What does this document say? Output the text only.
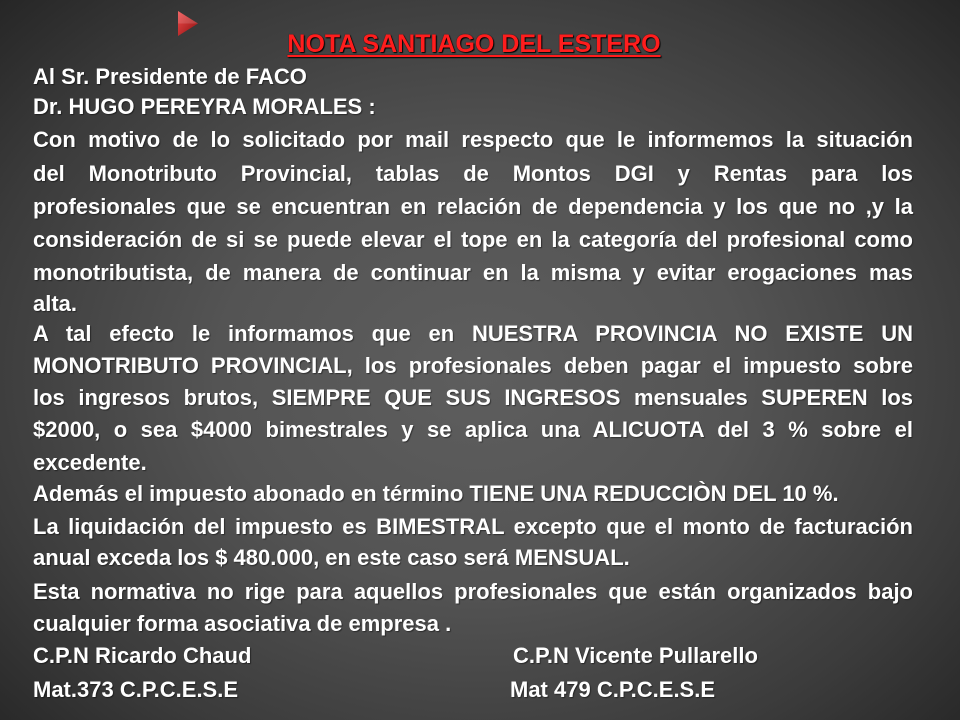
NOTA SANTIAGO DEL ESTERO
Al Sr. Presidente de FACO
Dr. HUGO PEREYRA MORALES :
Con motivo de lo solicitado por mail respecto que le informemos la situación
del Monotributo Provincial, tablas de Montos DGI y Rentas para los
profesionales que se encuentran en relación de dependencia y los que no ,y la
consideración de si se puede elevar el tope en la categoría del profesional como
monotributista, de manera de continuar en la misma y evitar erogaciones mas
alta.
A tal efecto le informamos que en NUESTRA PROVINCIA NO EXISTE UN
MONOTRIBUTO PROVINCIAL, los profesionales deben pagar el impuesto sobre
los ingresos brutos, SIEMPRE QUE SUS INGRESOS mensuales SUPEREN los
$2000, o sea $4000 bimestrales y se aplica una ALICUOTA del 3 % sobre el
excedente.
Además el impuesto abonado en término TIENE UNA REDUCCIÒN DEL 10 %.
La liquidación del impuesto es BIMESTRAL excepto que el monto de facturación
anual exceda los $ 480.000, en este caso será MENSUAL.
Esta normativa no rige para aquellos profesionales que están organizados bajo
cualquier forma asociativa de empresa .
C.P.N Ricardo Chaud
Mat.373 C.P.C.E.S.E
C.P.N Vicente Pullarello
Mat 479 C.P.C.E.S.E
